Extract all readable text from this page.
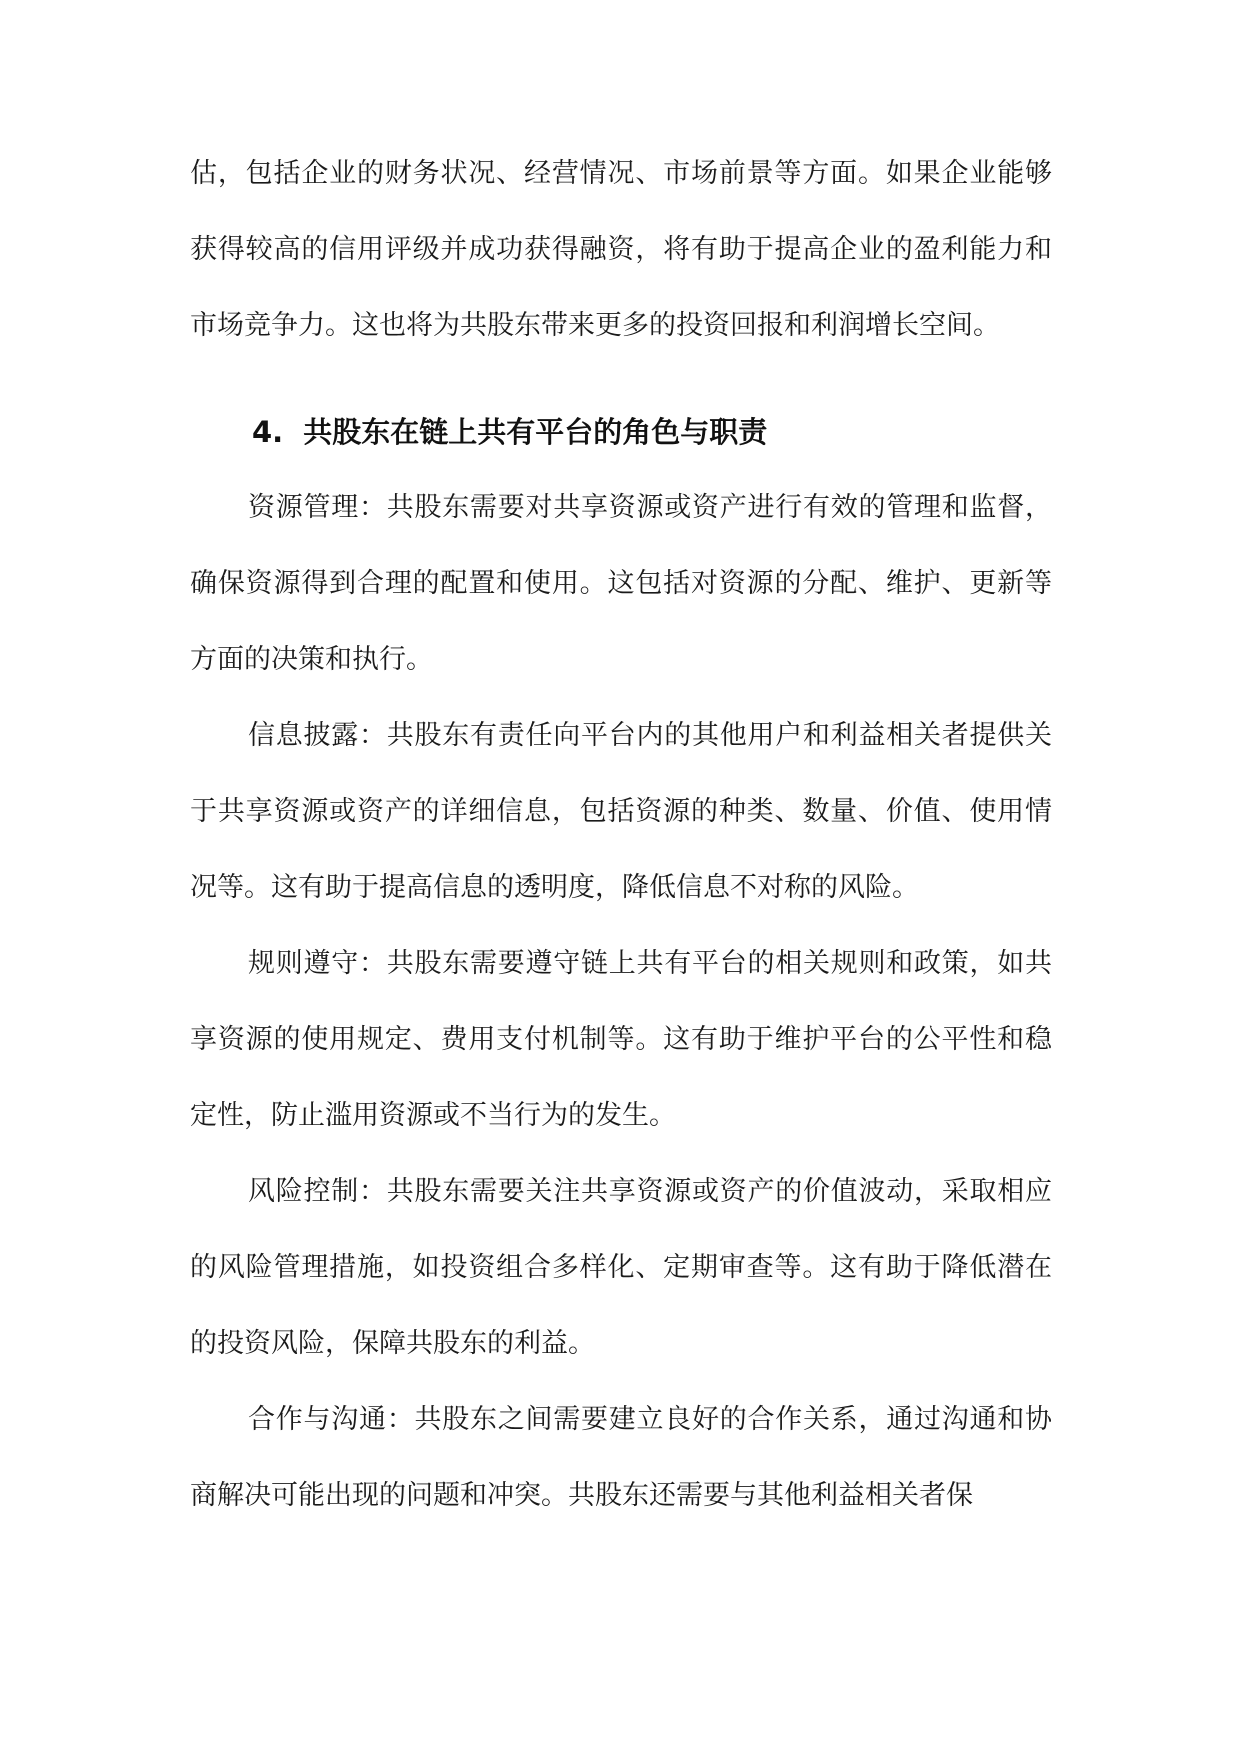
估，包括企业的财务状况、经营情况、市场前景等方面。如果企业能够获得较高的信用评级并成功获得融资，将有助于提高企业的盈利能力和市场竞争力。这也将为共股东带来更多的投资回报和利润增长空间。

4. 共股东在链上共有平台的角色与职责

资源管理：共股东需要对共享资源或资产进行有效的管理和监督，确保资源得到合理的配置和使用。这包括对资源的分配、维护、更新等方面的决策和执行。

信息披露：共股东有责任向平台内的其他用户和利益相关者提供关于共享资源或资产的详细信息，包括资源的种类、数量、价值、使用情况等。这有助于提高信息的透明度，降低信息不对称的风险。

规则遵守：共股东需要遵守链上共有平台的相关规则和政策，如共享资源的使用规定、费用支付机制等。这有助于维护平台的公平性和稳定性，防止滥用资源或不当行为的发生。

风险控制：共股东需要关注共享资源或资产的价值波动，采取相应的风险管理措施，如投资组合多样化、定期审查等。这有助于降低潜在的投资风险，保障共股东的利益。

合作与沟通：共股东之间需要建立良好的合作关系，通过沟通和协商解决可能出现的问题和冲突。共股东还需要与其他利益相关者保
